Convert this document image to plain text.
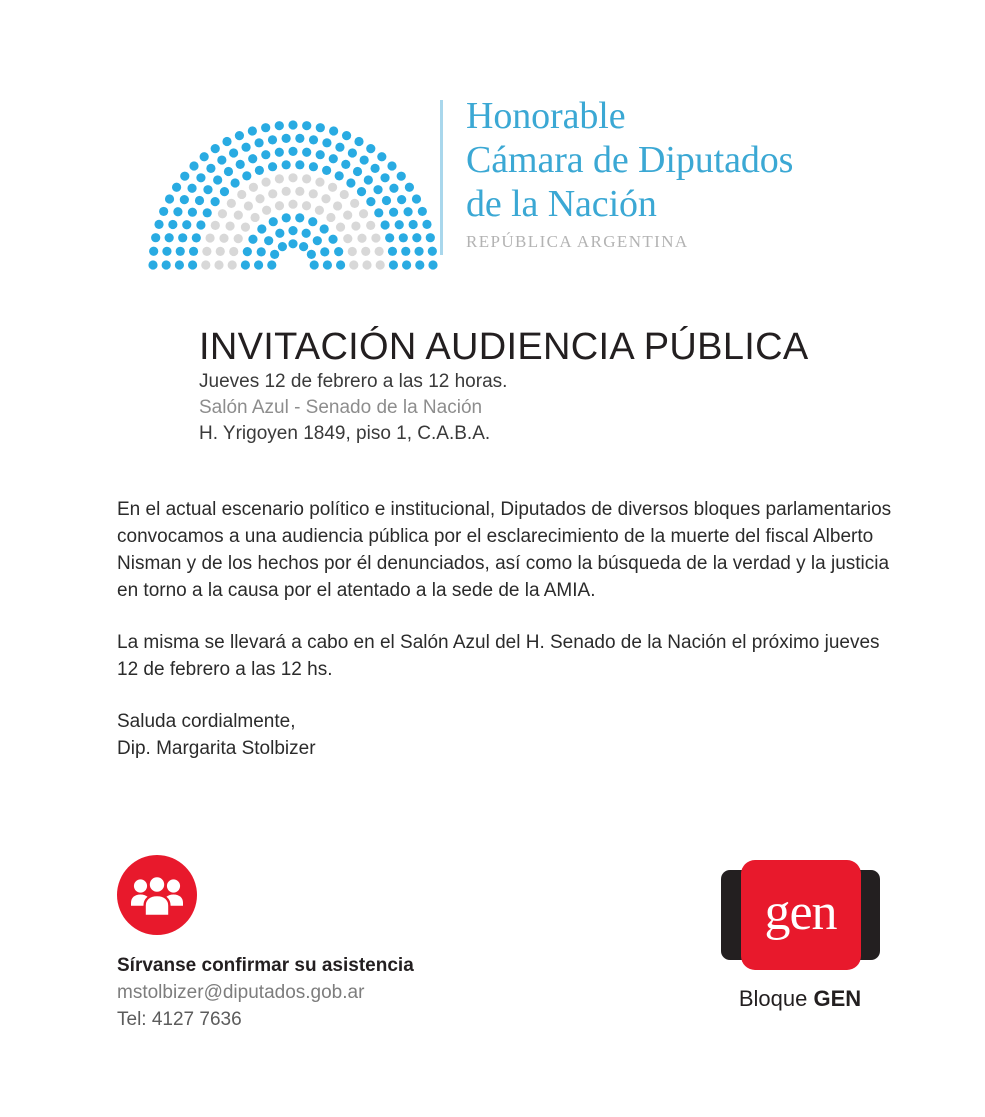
Honorable
Cámara de Diputados
de la Nación
REPÚBLICA ARGENTINA
INVITACIÓN AUDIENCIA PÚBLICA
Jueves 12 de febrero a las 12 horas.
Salón Azul - Senado de la Nación
H. Yrigoyen 1849, piso 1, C.A.B.A.

En el actual escenario político e institucional, Diputados de diversos bloques parlamentarios convocamos a una audiencia pública por el esclarecimiento de la muerte del fiscal Alberto Nisman y de los hechos por él denunciados, así como la búsqueda de la verdad y la justicia en torno a la causa por el atentado a la sede de la AMIA.

La misma se llevará a cabo en el Salón Azul del H. Senado de la Nación el próximo jueves 12 de febrero a las 12 hs.

Saluda cordialmente,
Dip. Margarita Stolbizer
Sírvanse confirmar su asistencia
mstolbizer@diputados.gob.ar
Tel: 4127 7636
gen
Bloque GEN
